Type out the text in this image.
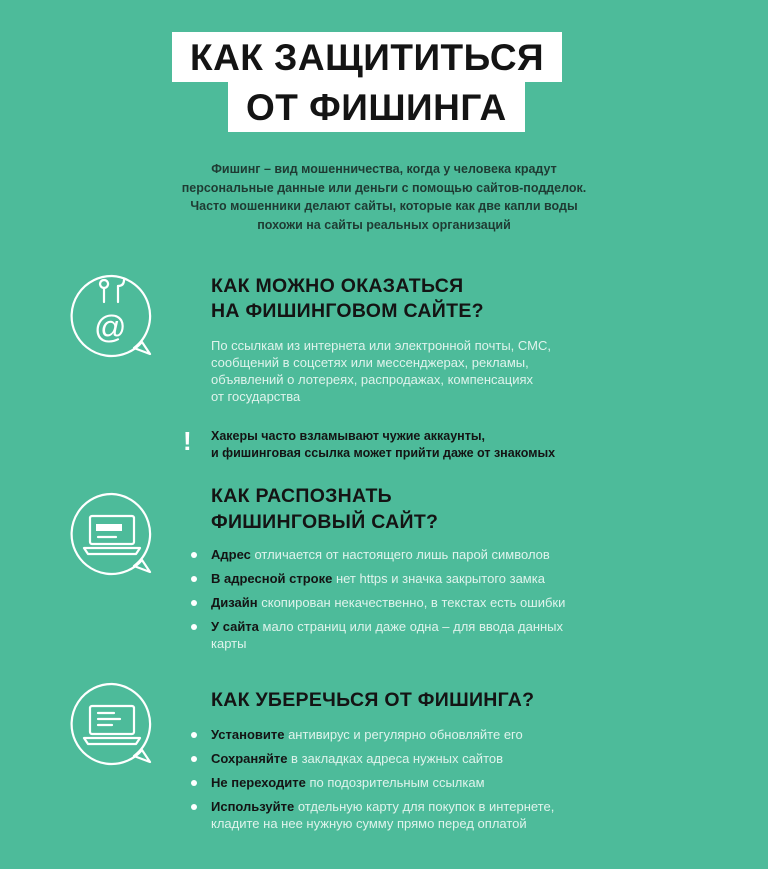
КАК ЗАЩИТИТЬСЯ
ОТ ФИШИНГА
Фишинг – вид мошенничества, когда у человека крадут
персональные данные или деньги с помощью сайтов-подделок.
Часто мошенники делают сайты, которые как две капли воды
похожи на сайты реальных организаций
@
КАК МОЖНО ОКАЗАТЬСЯ
НА ФИШИНГОВОМ САЙТЕ?
По ссылкам из интернета или электронной почты, СМС,
сообщений в соцсетях или мессенджерах, рекламы,
объявлений о лотереях, распродажах, компенсациях
от государства
! Хакеры часто взламывают чужие аккаунты,
и фишинговая ссылка может прийти даже от знакомых
КАК РАСПОЗНАТЬ
ФИШИНГОВЫЙ САЙТ?
Адрес отличается от настоящего лишь парой символов
В адресной строке нет https и значка закрытого замка
Дизайн скопирован некачественно, в текстах есть ошибки
У сайта мало страниц или даже одна – для ввода данных
карты
КАК УБЕРЕЧЬСЯ ОТ ФИШИНГА?
Установите антивирус и регулярно обновляйте его
Сохраняйте в закладках адреса нужных сайтов
Не переходите по подозрительным ссылкам
Используйте отдельную карту для покупок в интернете,
кладите на нее нужную сумму прямо перед оплатой
